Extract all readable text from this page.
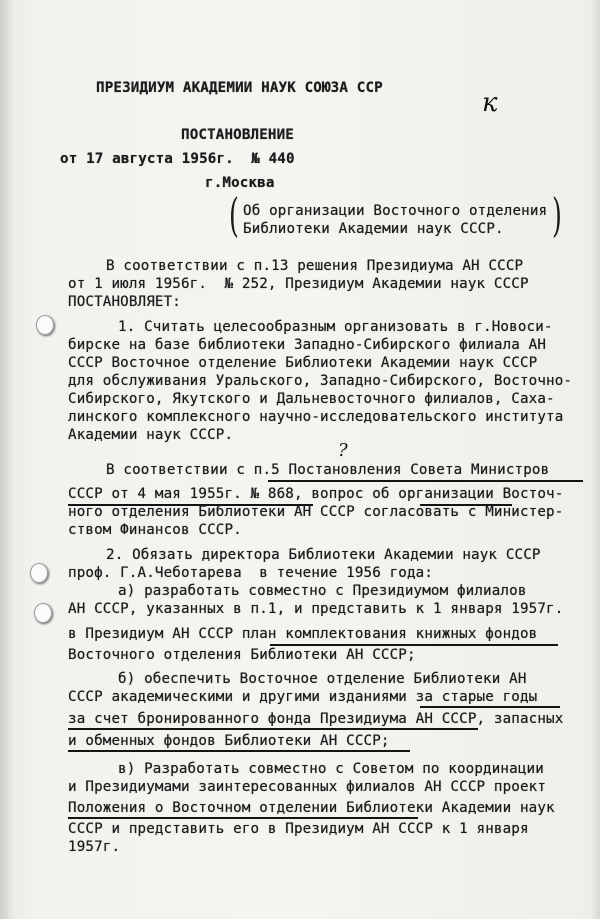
ПРЕЗИДИУМ АКАДЕМИИ НАУК СОЮЗА ССР	к
ПОСТАНОВЛЕНИЕ
от 17 августа 1956г.  № 440
г.Москва
( Об организации Восточного отделения
Библиотеки Академии наук СССР. )
В соответствии с п.13 решения Президиума АН СССР
от 1 июля 1956г.  № 252, Президиум Академии наук СССР
ПОСТАНОВЛЯЕТ:
1. Считать целесообразным организовать в г.Новоси-
бирске на базе библиотеки Западно-Сибирского филиала АН
СССР Восточное отделение Библиотеки Академии наук СССР
для обслуживания Уральского, Западно-Сибирского, Восточно-
Сибирского, Якутского и Дальневосточного филиалов, Саха-
линского комплексного научно-исследовательского института
Академии наук СССР.
?
В соответствии с п.5 Постановления Совета Министров
СССР от 4 мая 1955г. № 868, вопрос об организации Восточ-
ного отделения Библиотеки АН СССР согласовать с Министер-
ством Финансов СССР.
2. Обязать директора Библиотеки Академии наук СССР
проф. Г.А.Чеботарева  в течение 1956 года:
а) разработать совместно с Президиумом филиалов
АН СССР, указанных в п.1, и представить к 1 января 1957г.
в Президиум АН СССР план комплектования книжных фондов
Восточного отделения Библиотеки АН СССР;
б) обеспечить Восточное отделение Библиотеки АН
СССР академическими и другими изданиями за старые годы
за счет бронированного фонда Президиума АН СССР, запасных
и обменных фондов Библиотеки АН СССР;
в) Разработать совместно с Советом по координации
и Президиумами заинтересованных филиалов АН СССР проект
Положения о Восточном отделении Библиотеки Академии наук
СССР и представить его в Президиум АН СССР к 1 января
1957г.
